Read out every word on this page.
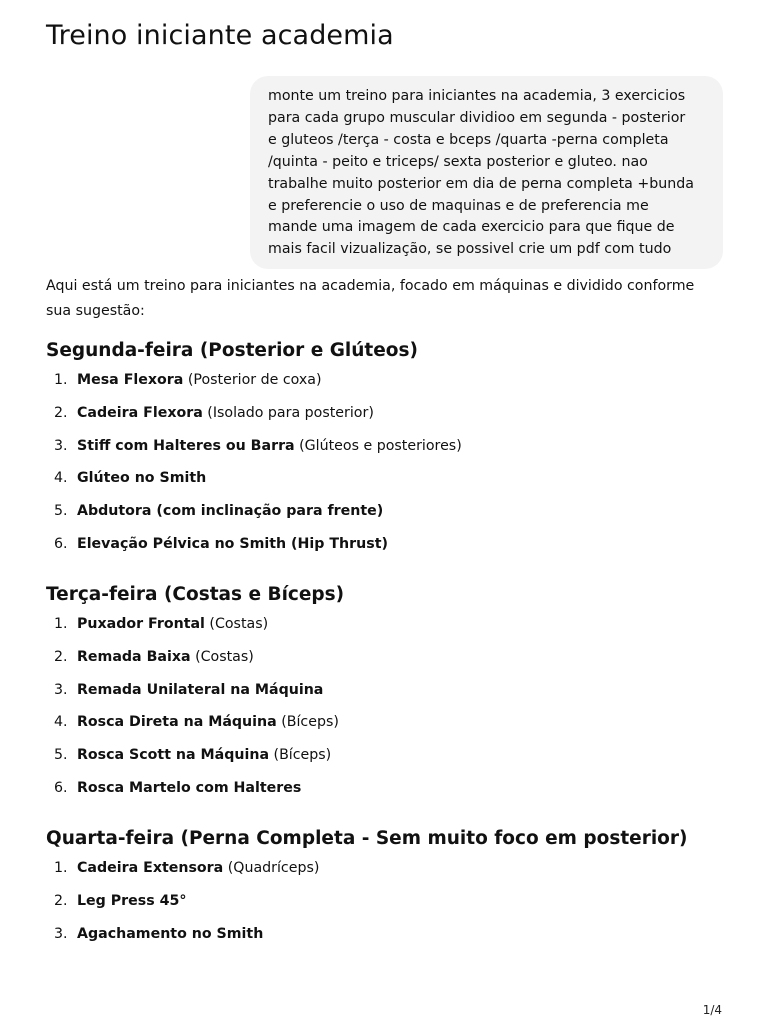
Treino iniciante academia
monte um treino para iniciantes na academia, 3 exercicios
para cada grupo muscular dividioo em segunda - posterior
e gluteos /terça - costa e bceps /quarta -perna completa
/quinta - peito e triceps/ sexta posterior e gluteo. nao
trabalhe muito posterior em dia de perna completa +bunda
e preferencie o uso de maquinas e de preferencia me
mande uma imagem de cada exercicio para que fique de
mais facil vizualização, se possivel crie um pdf com tudo

Aqui está um treino para iniciantes na academia, focado em máquinas e dividido conforme sua sugestão:

Segunda-feira (Posterior e Glúteos)
1. Mesa Flexora (Posterior de coxa)
2. Cadeira Flexora (Isolado para posterior)
3. Stiff com Halteres ou Barra (Glúteos e posteriores)
4. Glúteo no Smith
5. Abdutora (com inclinação para frente)
6. Elevação Pélvica no Smith (Hip Thrust)
Terça-feira (Costas e Bíceps)
1. Puxador Frontal (Costas)
2. Remada Baixa (Costas)
3. Remada Unilateral na Máquina
4. Rosca Direta na Máquina (Bíceps)
5. Rosca Scott na Máquina (Bíceps)
6. Rosca Martelo com Halteres
Quarta-feira (Perna Completa - Sem muito foco em posterior)
1. Cadeira Extensora (Quadríceps)
2. Leg Press 45°
3. Agachamento no Smith
1/4
